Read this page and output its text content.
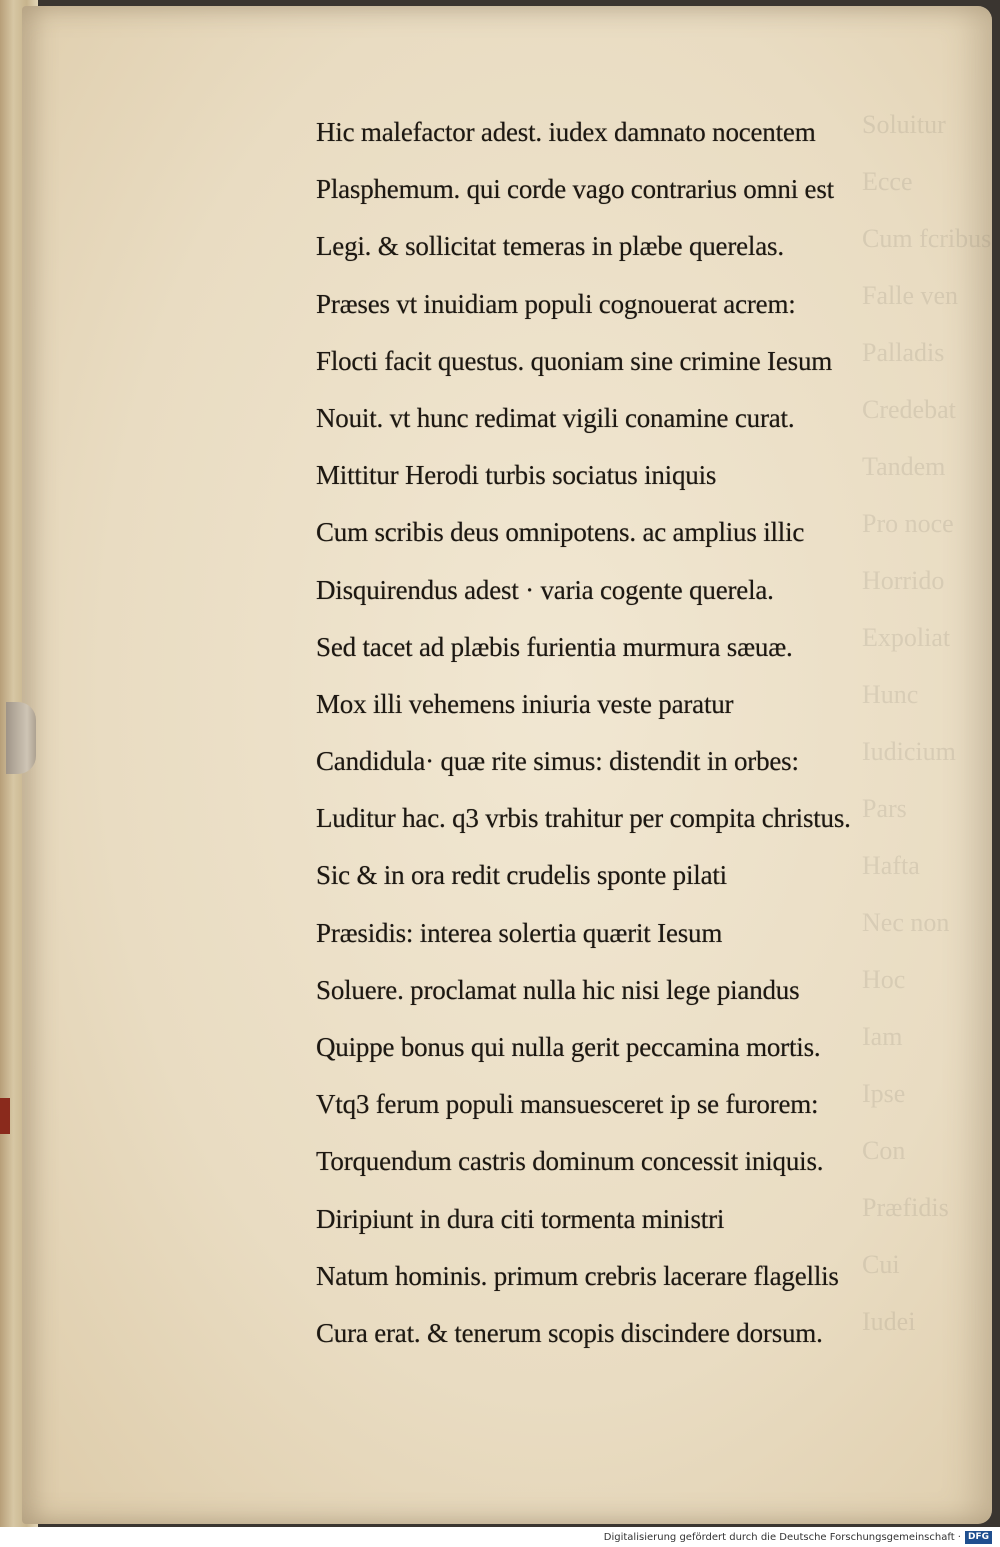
Soluitur
Ecce
Cum fcribus
Falle ven
Palladis
Credebat
Tandem
Pro noce
Horrido
Expoliat
Hunc
Iudicium
Pars
Hafta
Nec non
Hoc
Iam
Ipse
Con
Præfidis
Cui
Iudei
Hic malefactor adest. iudex damnato nocentem
Plasphemum. qui corde vago contrarius omni est
Legi. & sollicitat temeras in plæbe querelas.
Præses vt inuidiam populi cognouerat acrem:
Flocti facit questus. quoniam sine crimine Iesum
Nouit. vt hunc redimat vigili conamine curat.
Mittitur Herodi turbis sociatus iniquis
Cum scribis deus omnipotens. ac amplius illic
Disquirendus adest · varia cogente querela.
Sed tacet ad plæbis furientia murmura sæuæ.
Mox illi vehemens iniuria veste paratur
Candidula· quæ rite simus: distendit in orbes:
Luditur hac. q3 vrbis trahitur per compita christus.
Sic & in ora redit crudelis sponte pilati
Præsidis: interea solertia quærit Iesum
Soluere. proclamat nulla hic nisi lege piandus
Quippe bonus qui nulla gerit peccamina mortis.
Vtq3 ferum populi mansuesceret ip se furorem:
Torquendum castris dominum concessit iniquis.
Diripiunt in dura citi tormenta ministri
Natum hominis. primum crebris lacerare flagellis
Cura erat. & tenerum scopis discindere dorsum.
Digitalisierung gefördert durch die Deutsche Forschungsgemeinschaft · DFG
